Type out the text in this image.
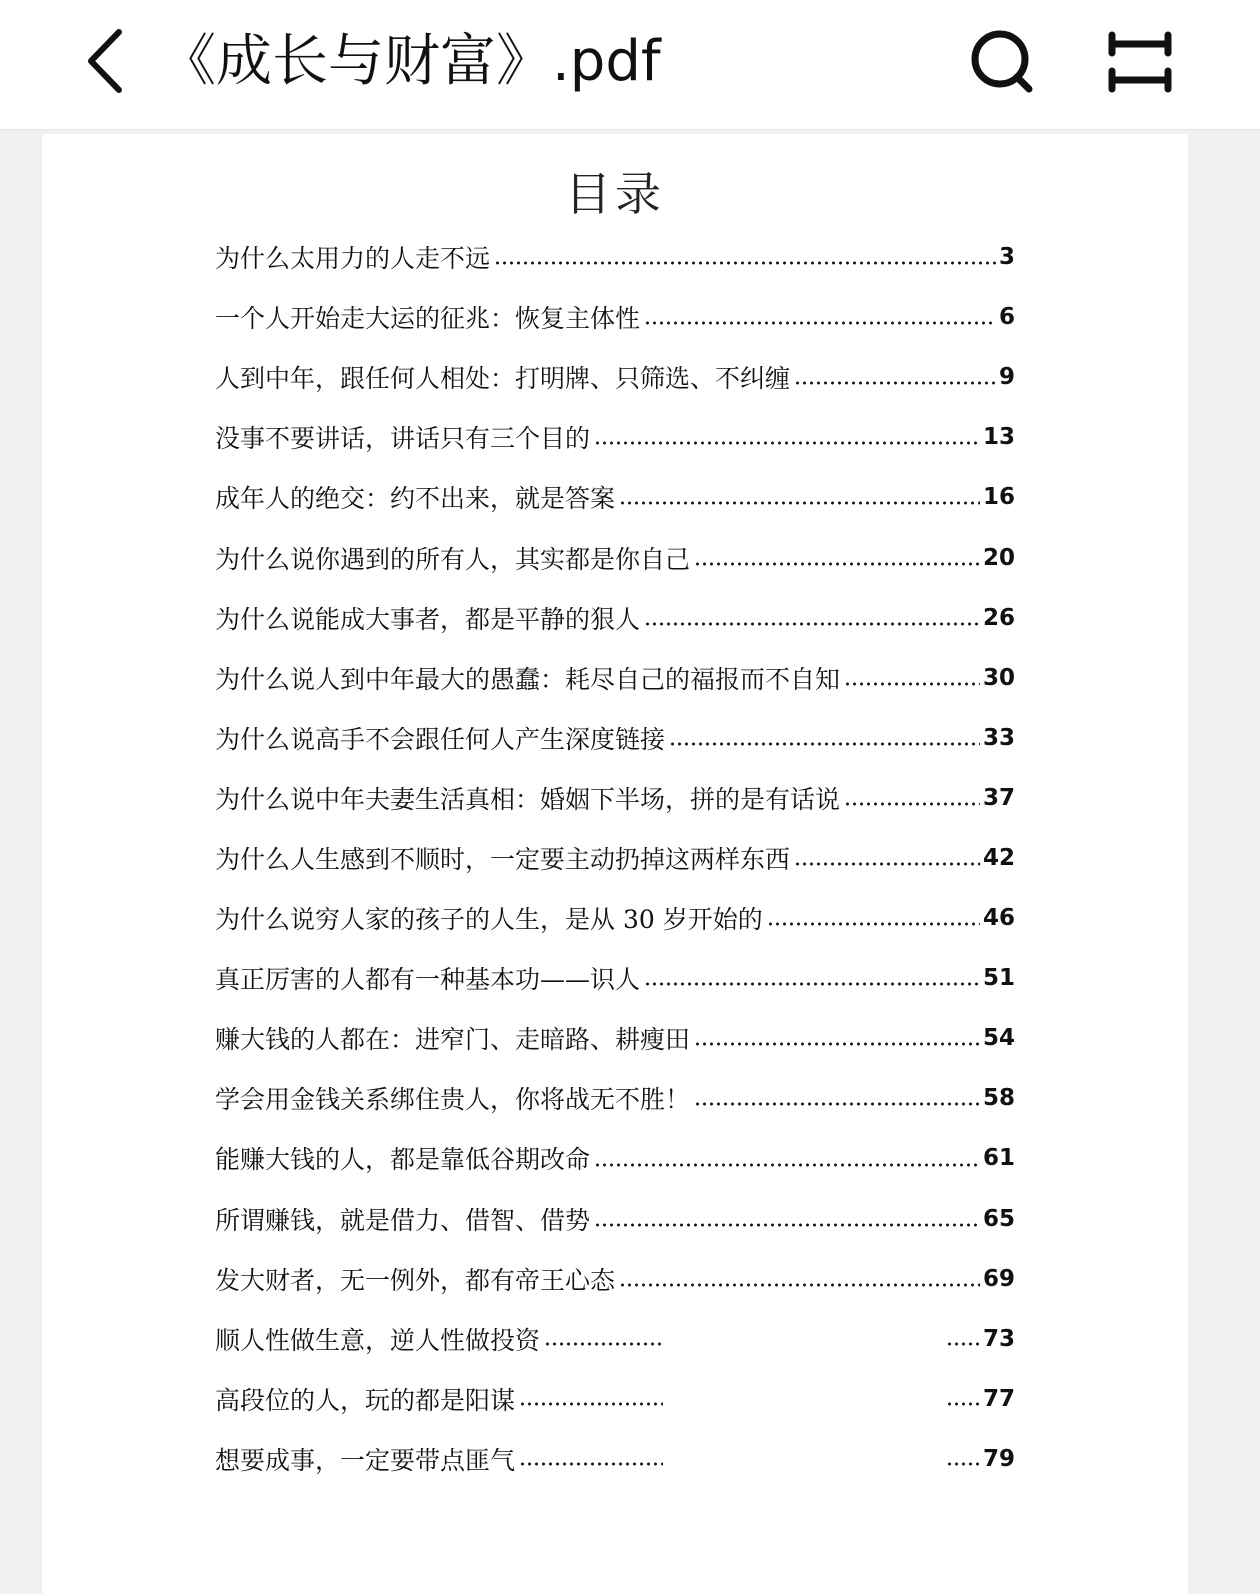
《成长与财富》.pdf
目录
为什么太用力的人走不远	3
一个人开始走大运的征兆：恢复主体性	6
人到中年，跟任何人相处：打明牌、只筛选、不纠缠	9
没事不要讲话，讲话只有三个目的	13
成年人的绝交：约不出来，就是答案	16
为什么说你遇到的所有人，其实都是你自己	20
为什么说能成大事者，都是平静的狠人	26
为什么说人到中年最大的愚蠢：耗尽自己的福报而不自知	30
为什么说高手不会跟任何人产生深度链接	33
为什么说中年夫妻生活真相：婚姻下半场，拼的是有话说	37
为什么人生感到不顺时，一定要主动扔掉这两样东西	42
为什么说穷人家的孩子的人生，是从 30 岁开始的	46
真正厉害的人都有一种基本功——识人	51
赚大钱的人都在：进窄门、走暗路、耕瘦田	54
学会用金钱关系绑住贵人，你将战无不胜！	58
能赚大钱的人，都是靠低谷期改命	61
所谓赚钱，就是借力、借智、借势	65
发大财者，无一例外，都有帝王心态	69
顺人性做生意，逆人性做投资	73
高段位的人，玩的都是阳谋	77
想要成事，一定要带点匪气	79
